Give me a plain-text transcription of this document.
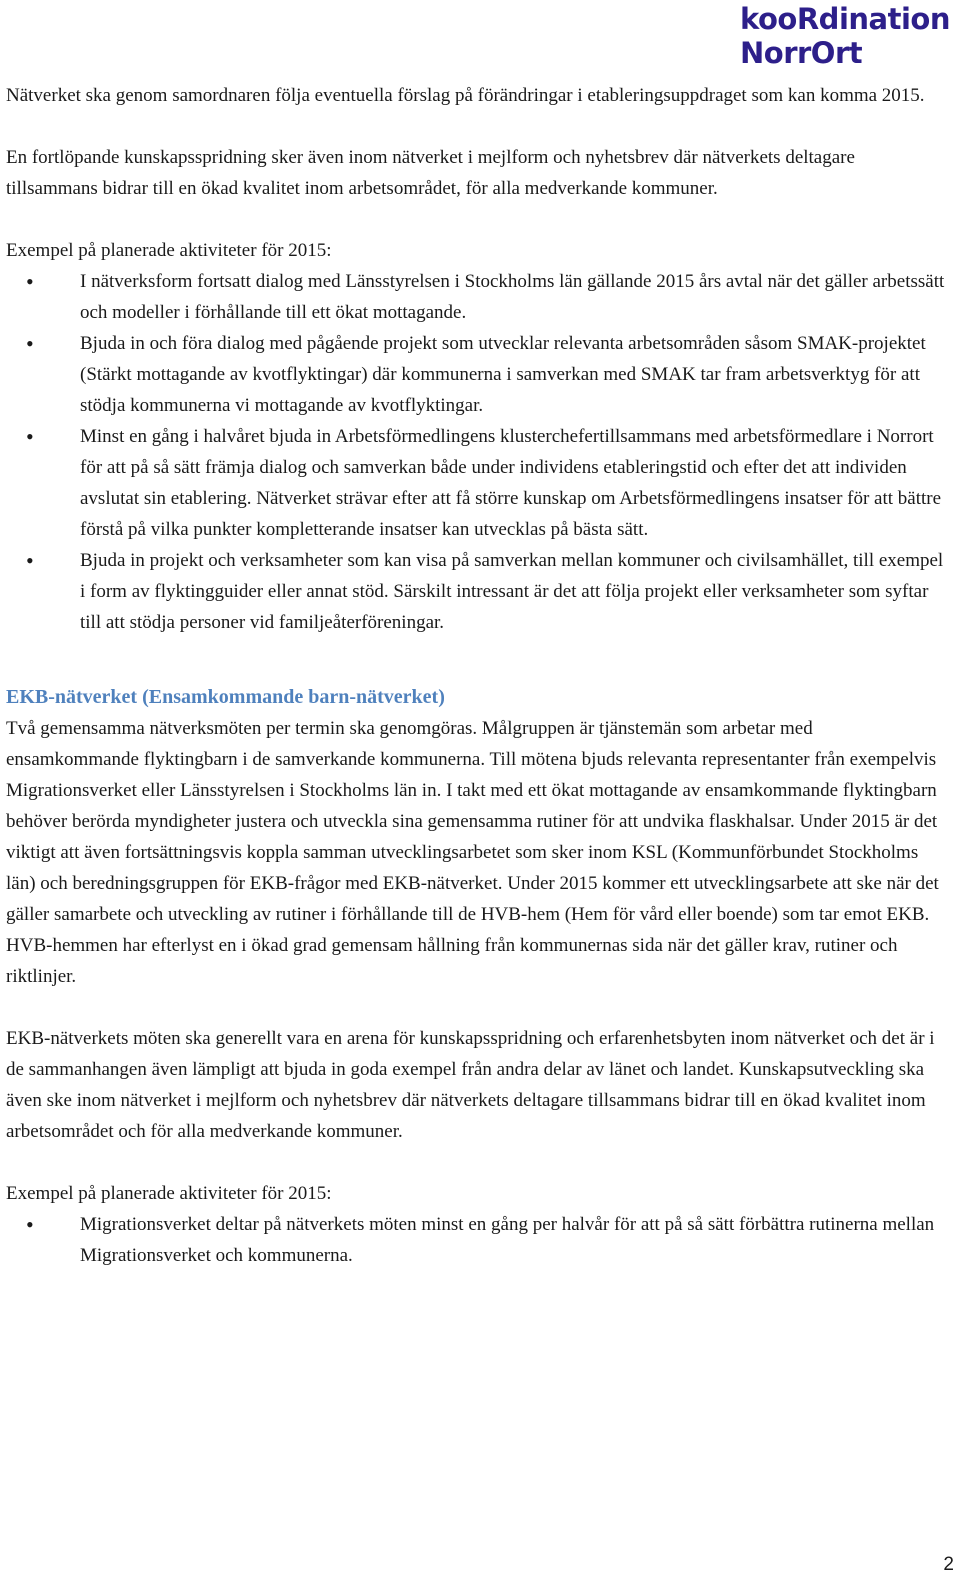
kooRdination
NorrOrt

Nätverket ska genom samordnaren följa eventuella förslag på förändringar i etableringsuppdraget som kan komma 2015.

En fortlöpande kunskapsspridning sker även inom nätverket i mejlform och nyhetsbrev där nätverkets deltagare tillsammans bidrar till en ökad kvalitet inom arbetsområdet, för alla medverkande kommuner.

Exempel på planerade aktiviteter för 2015:

• I nätverksform fortsatt dialog med Länsstyrelsen i Stockholms län gällande 2015 års avtal när det gäller arbetssätt och modeller i förhållande till ett ökat mottagande.
• Bjuda in och föra dialog med pågående projekt som utvecklar relevanta arbetsområden såsom SMAK-projektet (Stärkt mottagande av kvotflyktingar) där kommunerna i samverkan med SMAK tar fram arbetsverktyg för att stödja kommunerna vi mottagande av kvotflyktingar.
• Minst en gång i halvåret bjuda in Arbetsförmedlingens klusterchefertillsammans med arbetsförmedlare i Norrort för att på så sätt främja dialog och samverkan både under individens etableringstid och efter det att individen avslutat sin etablering. Nätverket strävar efter att få större kunskap om Arbetsförmedlingens insatser för att bättre förstå på vilka punkter kompletterande insatser kan utvecklas på bästa sätt.
• Bjuda in projekt och verksamheter som kan visa på samverkan mellan kommuner och civilsamhället, till exempel i form av flyktingguider eller annat stöd. Särskilt intressant är det att följa projekt eller verksamheter som syftar till att stödja personer vid familjeåterföreningar.

EKB-nätverket (Ensamkommande barn-nätverket)

Två gemensamma nätverksmöten per termin ska genomgöras. Målgruppen är tjänstemän som arbetar med ensamkommande flyktingbarn i de samverkande kommunerna. Till mötena bjuds relevanta representanter från exempelvis Migrationsverket eller Länsstyrelsen i Stockholms län in. I takt med ett ökat mottagande av ensamkommande flyktingbarn behöver berörda myndigheter justera och utveckla sina gemensamma rutiner för att undvika flaskhalsar. Under 2015 är det viktigt att även fortsättningsvis koppla samman utvecklingsarbetet som sker inom KSL (Kommunförbundet Stockholms län) och beredningsgruppen för EKB-frågor med EKB-nätverket. Under 2015 kommer ett utvecklingsarbete att ske när det gäller samarbete och utveckling av rutiner i förhållande till de HVB-hem (Hem för vård eller boende) som tar emot EKB. HVB-hemmen har efterlyst en i ökad grad gemensam hållning från kommunernas sida när det gäller krav, rutiner och riktlinjer.

EKB-nätverkets möten ska generellt vara en arena för kunskapsspridning och erfarenhetsbyten inom nätverket och det är i de sammanhangen även lämpligt att bjuda in goda exempel från andra delar av länet och landet. Kunskapsutveckling ska även ske inom nätverket i mejlform och nyhetsbrev där nätverkets deltagare tillsammans bidrar till en ökad kvalitet inom arbetsområdet och för alla medverkande kommuner.

Exempel på planerade aktiviteter för 2015:

• Migrationsverket deltar på nätverkets möten minst en gång per halvår för att på så sätt förbättra rutinerna mellan Migrationsverket och kommunerna.
2
